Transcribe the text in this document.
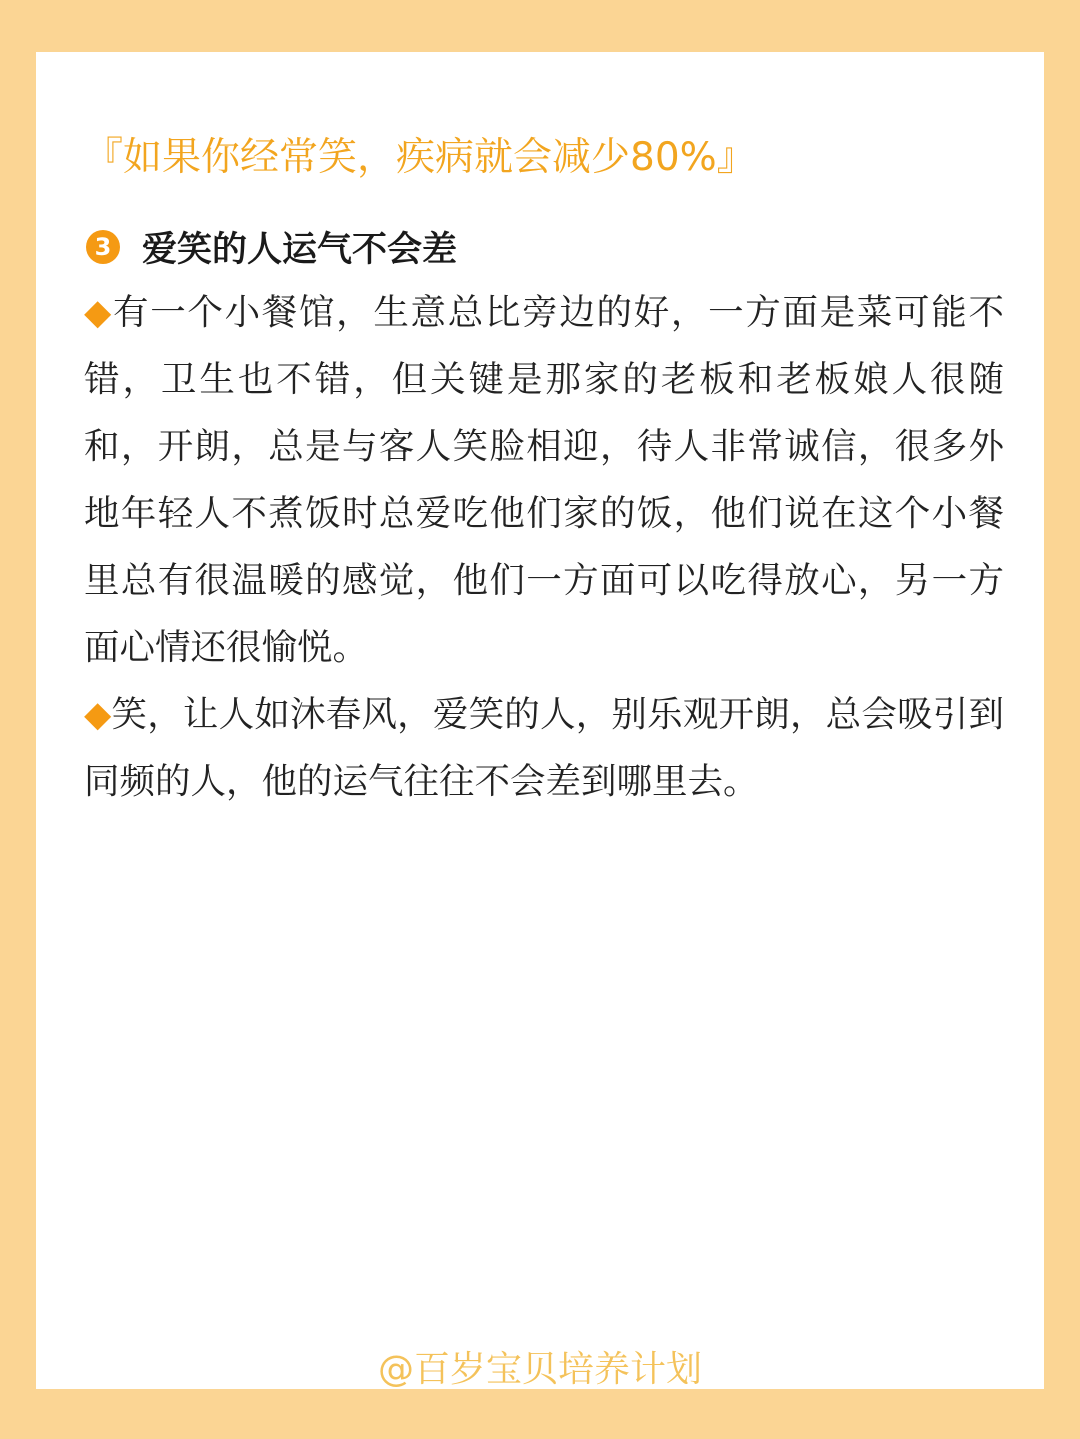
『如果你经常笑，疾病就会减少80%』
3 爱笑的人运气不会差

◆有一个小餐馆，生意总比旁边的好，一方面是菜可能不错，卫生也不错，但关键是那家的老板和老板娘人很随和，开朗，总是与客人笑脸相迎，待人非常诚信，很多外地年轻人不煮饭时总爱吃他们家的饭，他们说在这个小餐里总有很温暖的感觉，他们一方面可以吃得放心，另一方面心情还很愉悦。

◆笑，让人如沐春风，爱笑的人，别乐观开朗，总会吸引到同频的人，他的运气往往不会差到哪里去。

@百岁宝贝培养计划
